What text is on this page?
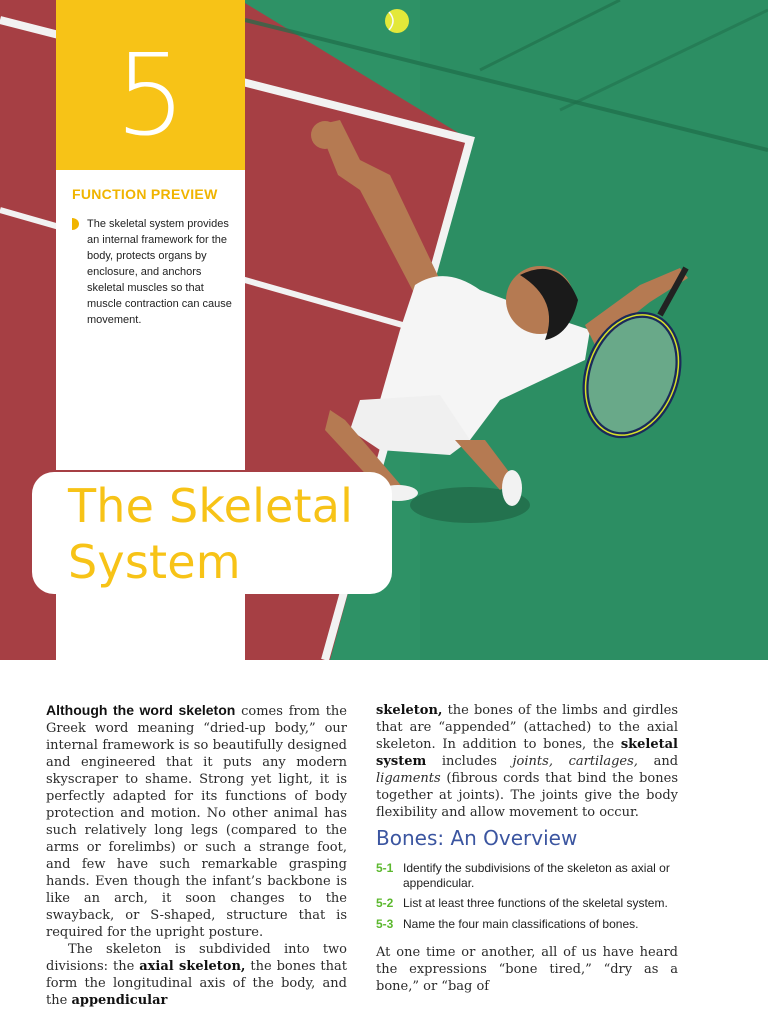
5
FUNCTION PREVIEW
The skeletal system provides an internal framework for the body, protects organs by enclosure, and anchors skeletal muscles so that muscle contraction can cause movement.
The Skeletal
System

Although the word skeleton comes from the Greek word meaning “dried-up body,” our internal framework is so beautifully designed and engineered that it puts any modern skyscraper to shame. Strong yet light, it is perfectly adapted for its functions of body protection and motion. No other animal has such relatively long legs (compared to the arms or forelimbs) or such a strange foot, and few have such remarkable grasping hands. Even though the infant’s backbone is like an arch, it soon changes to the swayback, or S-shaped, structure that is required for the upright posture.

The skeleton is subdivided into two divisions: the axial skeleton, the bones that form the longitudinal axis of the body, and the appendicular

skeleton, the bones of the limbs and girdles that are “appended” (attached) to the axial skeleton. In addition to bones, the skeletal system includes joints, cartilages, and ligaments (fibrous cords that bind the bones together at joints). The joints give the body flexibility and allow movement to occur.

Bones: An Overview
5-1 Identify the subdivisions of the skeleton as axial or appendicular.
5-2 List at least three functions of the skeletal system.
5-3 Name the four main classifications of bones.
At one time or another, all of us have heard the expressions “bone tired,” “dry as a bone,” or “bag of
